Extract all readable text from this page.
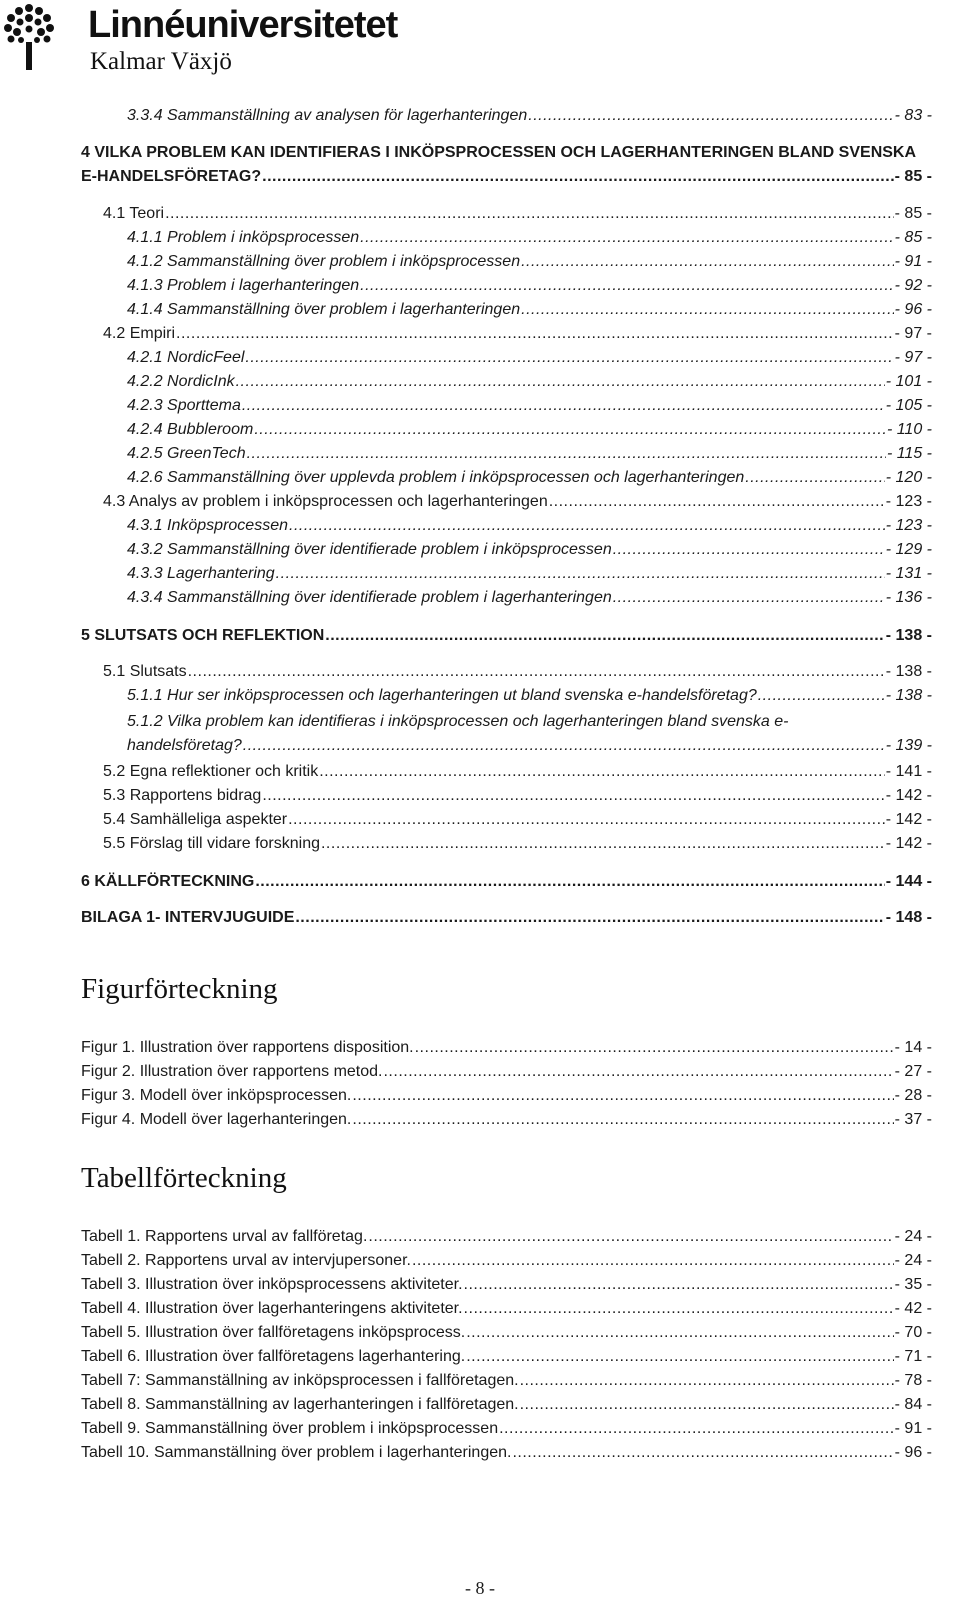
Linnéuniversitetet

Kalmar Växjö

3.3.4 Sammanställning av analysen för lagerhanteringen .....	- 83 -
4 VILKA PROBLEM KAN IDENTIFIERAS I INKÖPSPROCESSEN OCH LAGERHANTERINGEN BLAND SVENSKA
E-HANDELSFÖRETAG? .....	- 85 -
4.1 Teori .....	- 85 -
4.1.1 Problem i inköpsprocessen .....	- 85 -
4.1.2 Sammanställning över problem i inköpsprocessen .....	- 91 -
4.1.3 Problem i lagerhanteringen .....	- 92 -
4.1.4 Sammanställning över problem i lagerhanteringen .....	- 96 -
4.2 Empiri .....	- 97 -
4.2.1 NordicFeel .....	- 97 -
4.2.2 NordicInk .....	- 101 -
4.2.3 Sporttema .....	- 105 -
4.2.4 Bubbleroom .....	- 110 -
4.2.5 GreenTech .....	- 115 -
4.2.6 Sammanställning över upplevda problem i inköpsprocessen och lagerhanteringen .....	- 120 -
4.3 Analys av problem i inköpsprocessen och lagerhanteringen .....	- 123 -
4.3.1 Inköpsprocessen .....	- 123 -
4.3.2 Sammanställning över identifierade problem i inköpsprocessen .....	- 129 -
4.3.3 Lagerhantering .....	- 131 -
4.3.4 Sammanställning över identifierade problem i lagerhanteringen .....	- 136 -
5 SLUTSATS OCH REFLEKTION .....	- 138 -
5.1 Slutsats .....	- 138 -
5.1.1 Hur ser inköpsprocessen och lagerhanteringen ut bland svenska e-handelsföretag? .....	- 138 -
5.1.2 Vilka problem kan identifieras i inköpsprocessen och lagerhanteringen bland svenska e-
handelsföretag? .....	- 139 -
5.2 Egna reflektioner och kritik .....	- 141 -
5.3 Rapportens bidrag .....	- 142 -
5.4 Samhälleliga aspekter .....	- 142 -
5.5 Förslag till vidare forskning .....	- 142 -
6 KÄLLFÖRTECKNING .....	- 144 -
BILAGA 1- INTERVJUGUIDE .....	- 148 -
Figurförteckning
Figur 1. Illustration över rapportens disposition. .....	- 14 -
Figur 2. Illustration över rapportens metod. .....	- 27 -
Figur 3. Modell över inköpsprocessen. .....	- 28 -
Figur 4. Modell över lagerhanteringen. .....	- 37 -
Tabellförteckning
Tabell 1. Rapportens urval av fallföretag. .....	- 24 -
Tabell 2. Rapportens urval av intervjupersoner. .....	- 24 -
Tabell 3. Illustration över inköpsprocessens aktiviteter. .....	- 35 -
Tabell 4. Illustration över lagerhanteringens aktiviteter. .....	- 42 -
Tabell 5. Illustration över fallföretagens inköpsprocess. .....	- 70 -
Tabell 6. Illustration över fallföretagens lagerhantering. .....	- 71 -
Tabell 7: Sammanställning av inköpsprocessen i fallföretagen. .....	- 78 -
Tabell 8. Sammanställning av lagerhanteringen i fallföretagen. .....	- 84 -
Tabell 9. Sammanställning över problem i inköpsprocessen .....	- 91 -
Tabell 10. Sammanställning över problem i lagerhanteringen. .....	- 96 -
- 8 -
